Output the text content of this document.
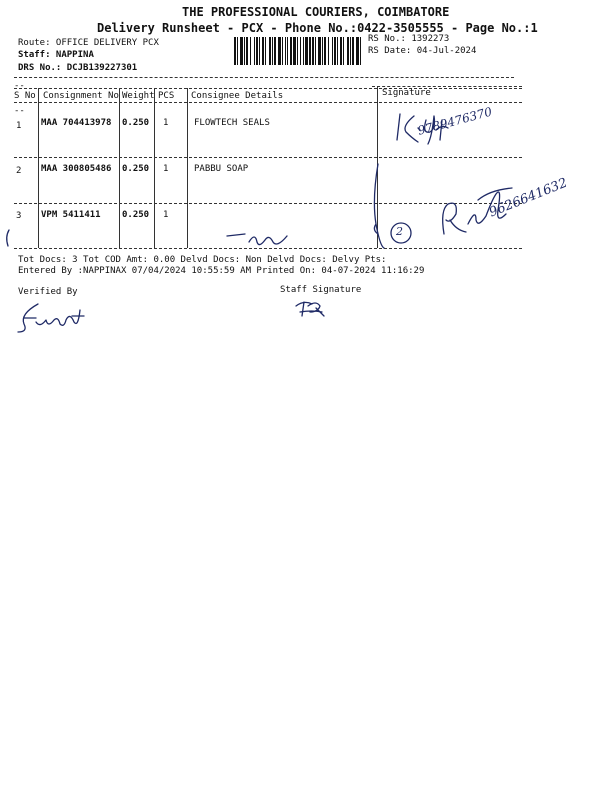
THE PROFESSIONAL COURIERS, COIMBATORE
Delivery Runsheet - PCX - Phone No.:0422-3505555 - Page No.:1
Route: OFFICE DELIVERY PCX
Staff: NAPPINA
DRS No.: DCJB139227301
RS No.: 1392273
RS Date: 04-Jul-2024
--
S No Consignment No Weight PCS Consignee Details	Signature
--
1 MAA 704413978 0.250 1	FLOWTECH SEALS
2 MAA 300805486 0.250 1	PABBU SOAP
3 VPM 5411411 0.250 1
Tot Docs: 3 Tot COD Amt: 0.00 Delvd Docs: Non Delvd Docs: Delvy Pts:
Entered By :NAPPINAX 07/04/2024 10:55:59 AM Printed On: 04-07-2024 11:16:29
Verified By	Staff Signature
9789476370
2
9626641632
